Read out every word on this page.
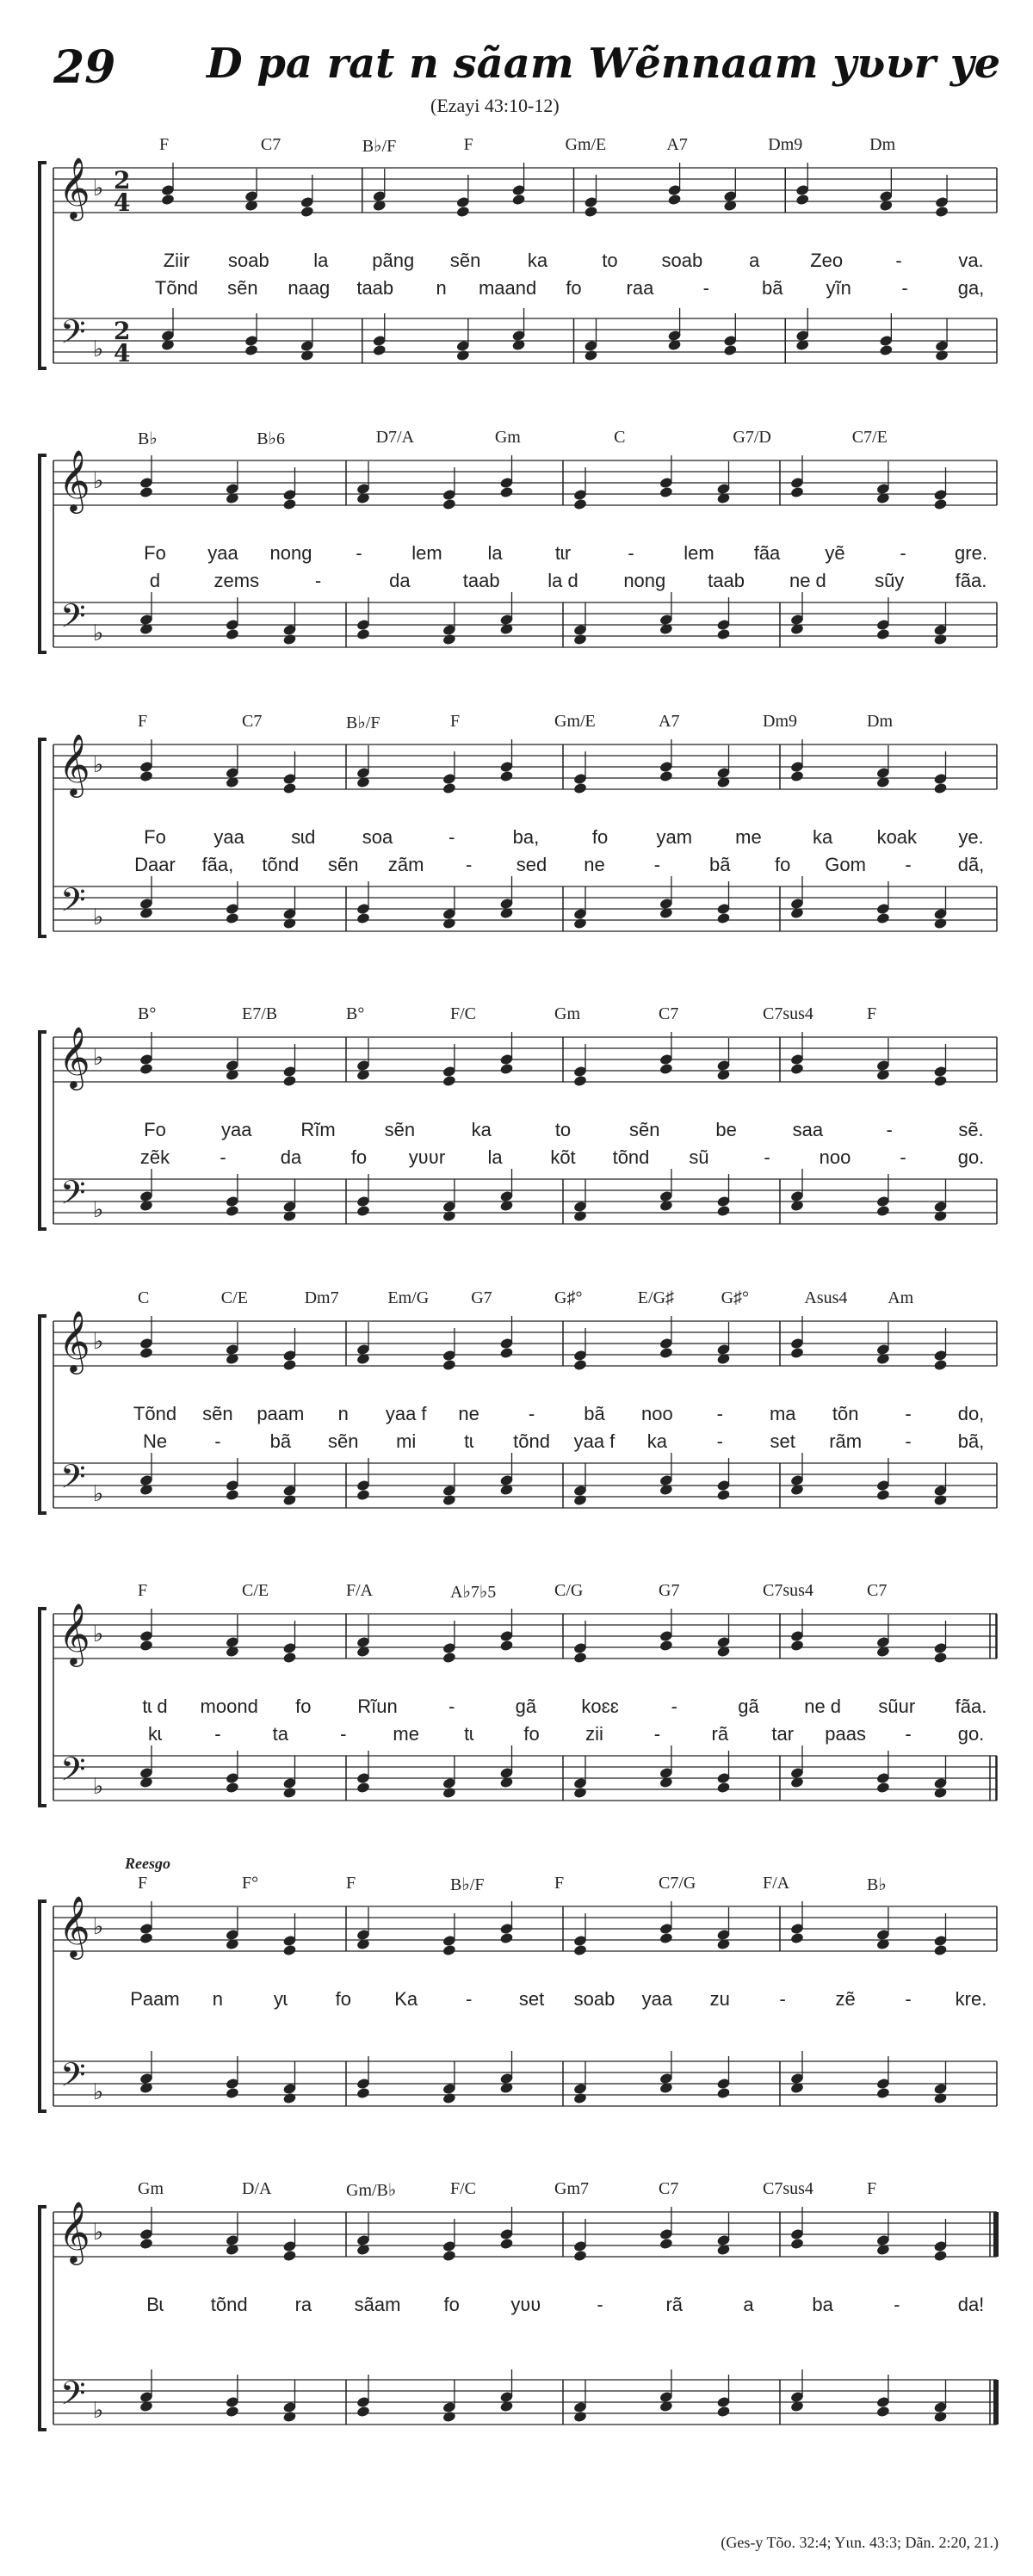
29 D pa rat n sãam Wẽnnaam yʋʋr ye
(Ezayi 43:10-12)
𝄞
𝄢
♭
♭
2
4
2
4
F	C7	B♭/F	F	Gm/E	A7	Dm9	Dm
Ziir soab la pãng sẽn ka	to soab a	Zeo	-	va.
Tõnd sẽn naag taab n maand fo raa	-	bã yĩn	-	ga,
𝄞
𝄢
♭
♭
B♭	B♭6	D7/A	Gm	C	G7/D	C7/E
Fo yaa nong -	lem la	tɩr	-	lem fãa yẽ	-	gre.
d	zems	-	da	taab	la d nong taab ne d	sũy	fãa.
𝄞
𝄢
♭
♭
F	C7	B♭/F	F	Gm/E	A7	Dm9	Dm
Fo	yaa sɩd soa	-	ba,	fo	yam me	ka koak ye.
Daar fãa, tõnd sẽn zãm - sed ne	-	bã fo Gom - dã,
𝄞
𝄢
♭
♭
B°	E7/B	B°	F/C	Gm	C7	C7sus4	F
Fo	yaa	Rĩm	sẽn	ka	to	sẽn	be	saa	-	sẽ.
zẽk	-	da	fo yʋʋr la	kõt tõnd sũ	-	noo	-	go.
𝄞
𝄢
♭
♭
C	C/E	Dm7	Em/G G7	G♯°	E/G♯	G♯°	Asus4 Am
Tõnd sẽn paam n yaa f ne	-	bã noo - ma tõn - do,
Ne	-	bã sẽn mi	tɩ tõnd yaa f ka	- set rãm - bã,
𝄞
𝄢
♭
♭
F	C/E	F/A	A♭7♭5	C/G	G7	C7sus4	C7
tɩ d moond fo Rĩun	-	gã koɛɛ	-	gã ne d sũur fãa.
kɩ	-	ta	- me tɩ	fo zii	-	rã tar paas - go.
𝄞
𝄢
♭
♭
Reesgo
F	F°	F	B♭/F	F	C7/G	F/A	B♭
Paam n	yɩ	fo Ka	- set soab yaa zu	-	zẽ	- kre.
𝄞
𝄢
♭
♭
Gm	D/A	Gm/B♭	F/C	Gm7	C7	C7sus4	F
Bɩ tõnd ra sãam fo	yʋʋ	-	rã	a	ba	-	da!
(Ges-y Tõo. 32:4; Yɩɩn. 43:3; Dãn. 2:20, 21.)
